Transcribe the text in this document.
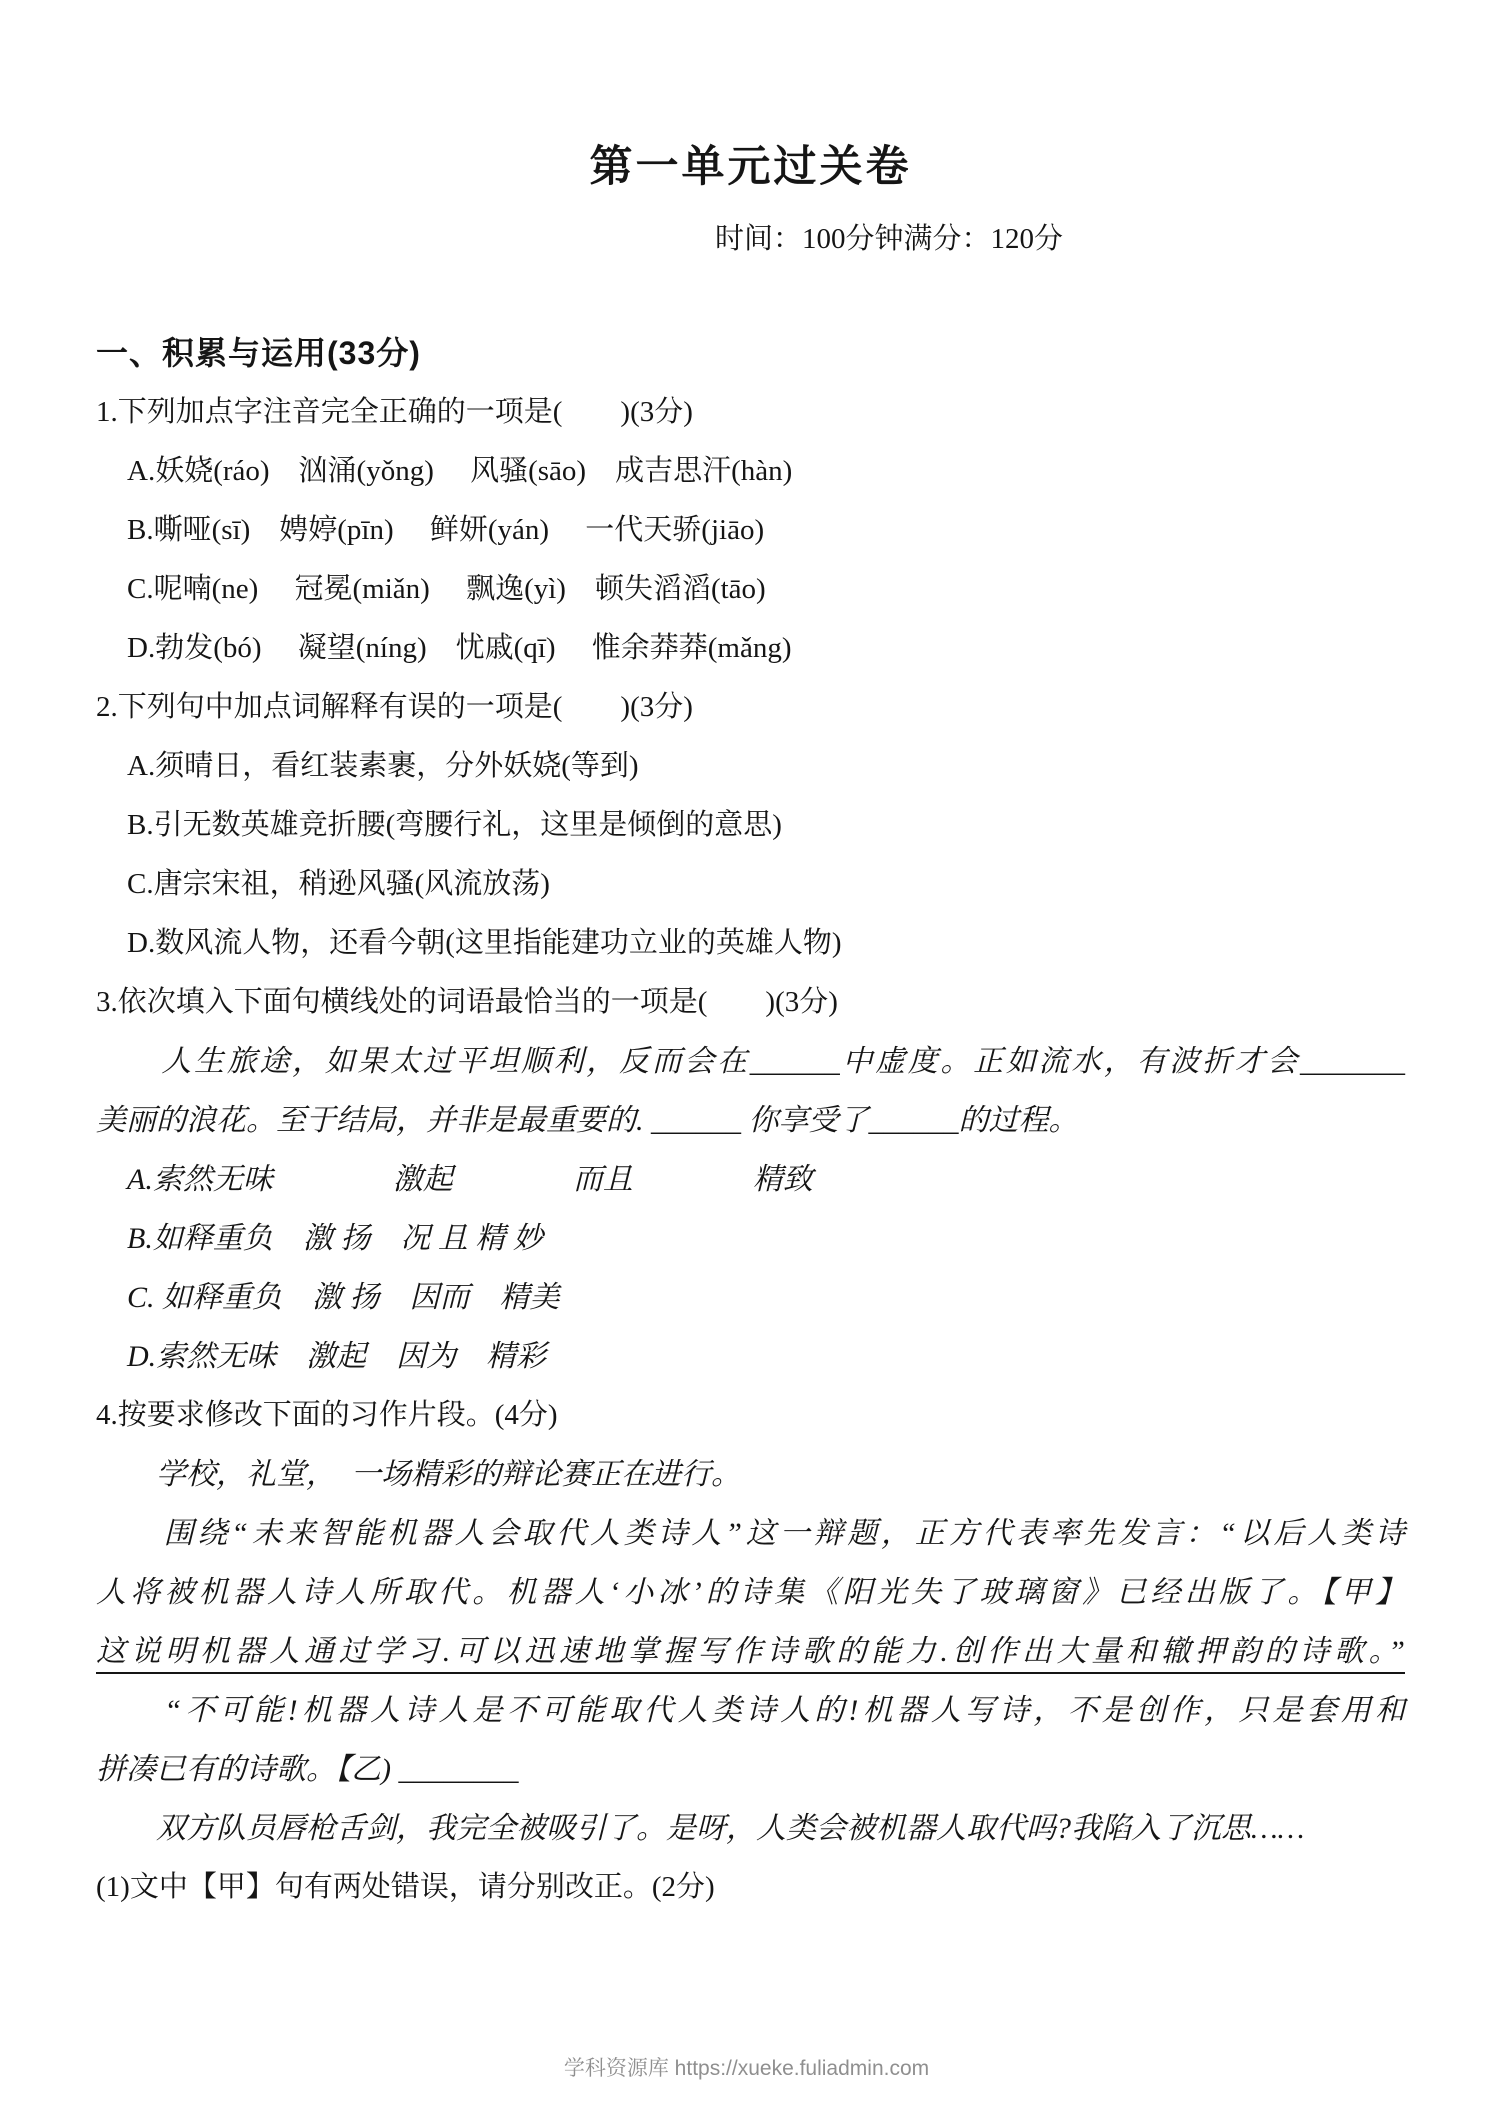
第一单元过关卷
时间：100分钟满分：120分
一、积累与运用(33分)
1.下列加点字注音完全正确的一项是(　　)(3分)
A.妖娆(ráo)　汹涌(yǒng)　 风骚(sāo)　成吉思汗(hàn)
B.嘶哑(sī)　娉婷(pīn)　 鲜妍(yán)　 一代天骄(jiāo)
C.呢喃(ne)　 冠冕(miǎn)　 飘逸(yì)　顿失滔滔(tāo)
D.勃发(bó)　 凝望(níng)　忧戚(qī)　 惟余莽莽(mǎng)
2.下列句中加点词解释有误的一项是(　　)(3分)
A.须晴日，看红装素裹，分外妖娆(等到)
B.引无数英雄竞折腰(弯腰行礼，这里是倾倒的意思)
C.唐宗宋祖，稍逊风骚(风流放荡)
D.数风流人物，还看今朝(这里指能建功立业的英雄人物)
3.依次填入下面句横线处的词语最恰当的一项是(　　)(3分)
　　人生旅途，如果太过平坦顺利，反而会在______中虚度。正如流水，有波折才会_______
美丽的浪花。至于结局，并非是最重要的. ______ 你享受了______的过程。
A.索然无味　　　　激起　　　　而且　　　　精致
B.如释重负　激 扬　况 且 精 妙
C. 如释重负　激 扬　因而　精美
D.索然无味　激起　因为　精彩
4.按要求修改下面的习作片段。(4分)
　　学校，礼堂，　一场精彩的辩论赛正在进行。
　　围绕“未来智能机器人会取代人类诗人”这一辩题，正方代表率先发言：“以后人类诗
人将被机器人诗人所取代。机器人‘小冰’的诗集《阳光失了玻璃窗》已经出版了。【甲】
这说明机器人通过学习.可以迅速地掌握写作诗歌的能力.创作出大量和辙押韵的诗歌。”
　　“不可能!机器人诗人是不可能取代人类诗人的!机器人写诗，不是创作，只是套用和
拼凑已有的诗歌。【乙) ________
　　双方队员唇枪舌剑，我完全被吸引了。是呀，人类会被机器人取代吗?我陷入了沉思……
(1)文中【甲】句有两处错误，请分别改正。(2分)
学科资源库 https://xueke.fuliadmin.com
